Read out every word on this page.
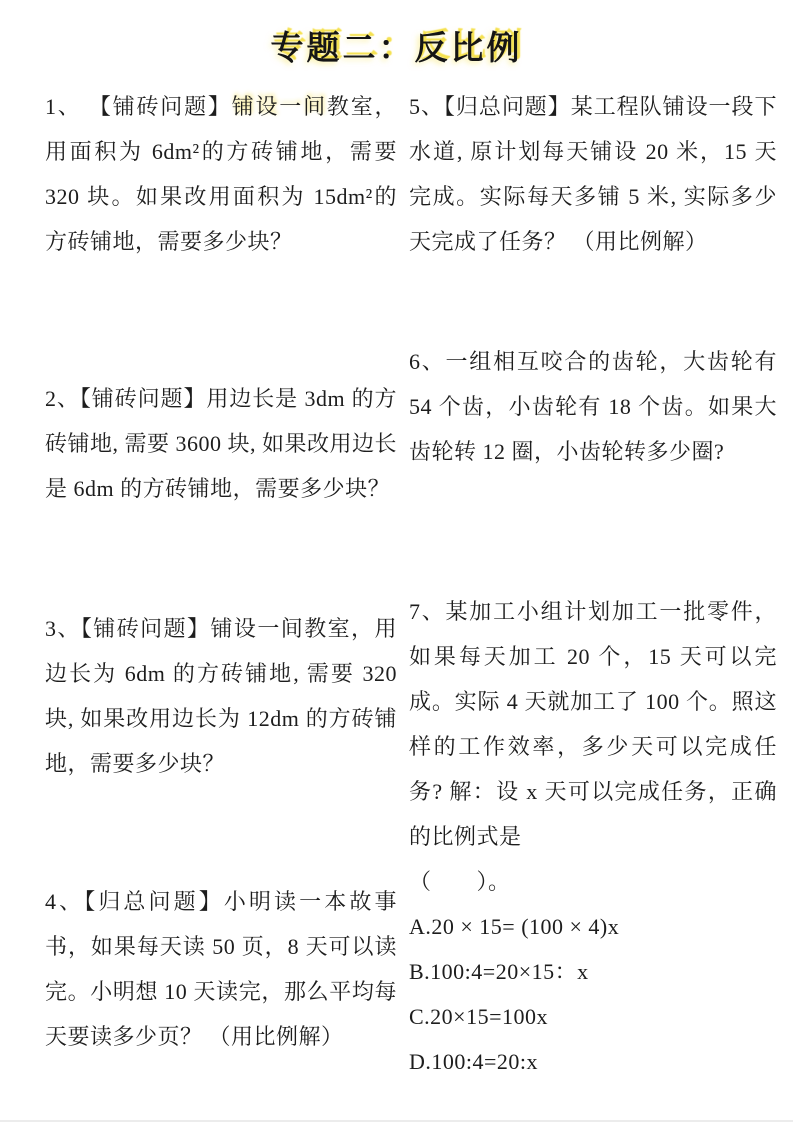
专题二：反比例
1、 【铺砖问题】铺设一间教室，用面积为 6dm²的方砖铺地，需要 320 块。如果改用面积为 15dm²的方砖铺地，需要多少块？
2、【铺砖问题】用边长是 3dm 的方砖铺地, 需要 3600 块, 如果改用边长是 6dm 的方砖铺地，需要多少块？
3、【铺砖问题】铺设一间教室，用边长为 6dm 的方砖铺地, 需要 320 块, 如果改用边长为 12dm 的方砖铺地，需要多少块？
4、【归总问题】小明读一本故事书，如果每天读 50 页，8 天可以读完。小明想 10 天读完，那么平均每天要读多少页？ （用比例解）
5、【归总问题】某工程队铺设一段下水道, 原计划每天铺设 20 米，15 天完成。实际每天多铺 5 米, 实际多少天完成了任务？ （用比例解）
6、一组相互咬合的齿轮，大齿轮有 54 个齿，小齿轮有 18 个齿。如果大齿轮转 12 圈，小齿轮转多少圈?
7、某加工小组计划加工一批零件，如果每天加工 20 个，15 天可以完成。实际 4 天就加工了 100 个。照这样的工作效率，多少天可以完成任务? 解：设 x 天可以完成任务，正确的比例式是
（　　）。
A.20 × 15= (100 × 4)x
B.100:4=20×15：x
C.20×15=100x
D.100:4=20:x
